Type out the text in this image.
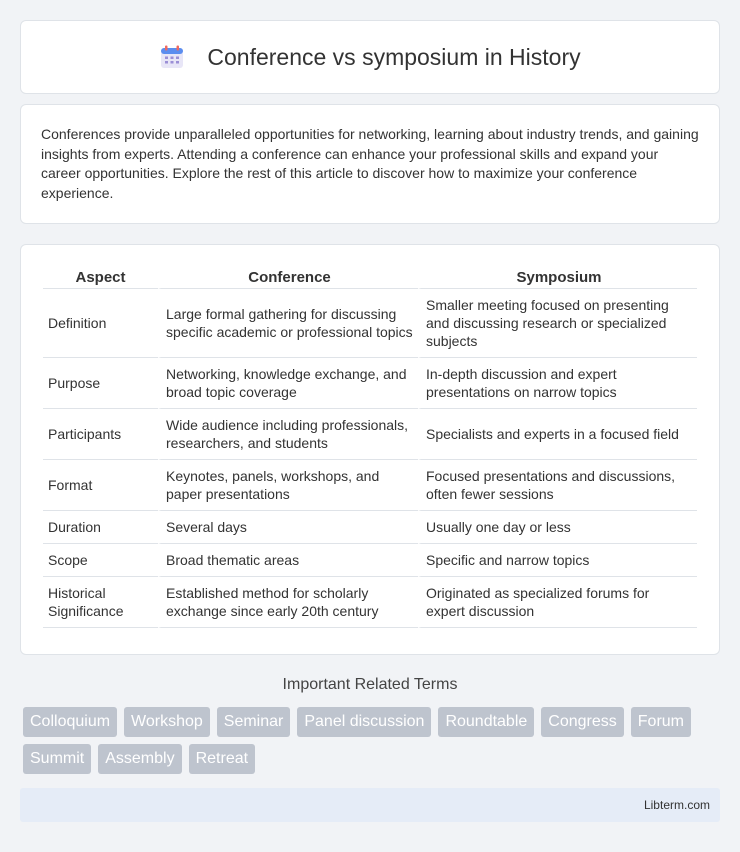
Conference vs symposium in History

Conferences provide unparalleled opportunities for networking, learning about industry trends, and gaining insights from experts. Attending a conference can enhance your professional skills and expand your career opportunities. Explore the rest of this article to discover how to maximize your conference experience.

Aspect	Conference	Symposium
Definition	Large formal gathering for discussing specific academic or professional topics	Smaller meeting focused on presenting and discussing research or specialized subjects
Purpose	Networking, knowledge exchange, and broad topic coverage	In-depth discussion and expert presentations on narrow topics
Participants	Wide audience including professionals, researchers, and students	Specialists and experts in a focused field
Format	Keynotes, panels, workshops, and paper presentations	Focused presentations and discussions, often fewer sessions
Duration	Several days	Usually one day or less
Scope	Broad thematic areas	Specific and narrow topics
Historical Significance	Established method for scholarly exchange since early 20th century	Originated as specialized forums for expert discussion
Important Related Terms
Colloquium	Workshop	Seminar	Panel discussion	Roundtable	Congress	Forum
Summit	Assembly	Retreat
Libterm.com
